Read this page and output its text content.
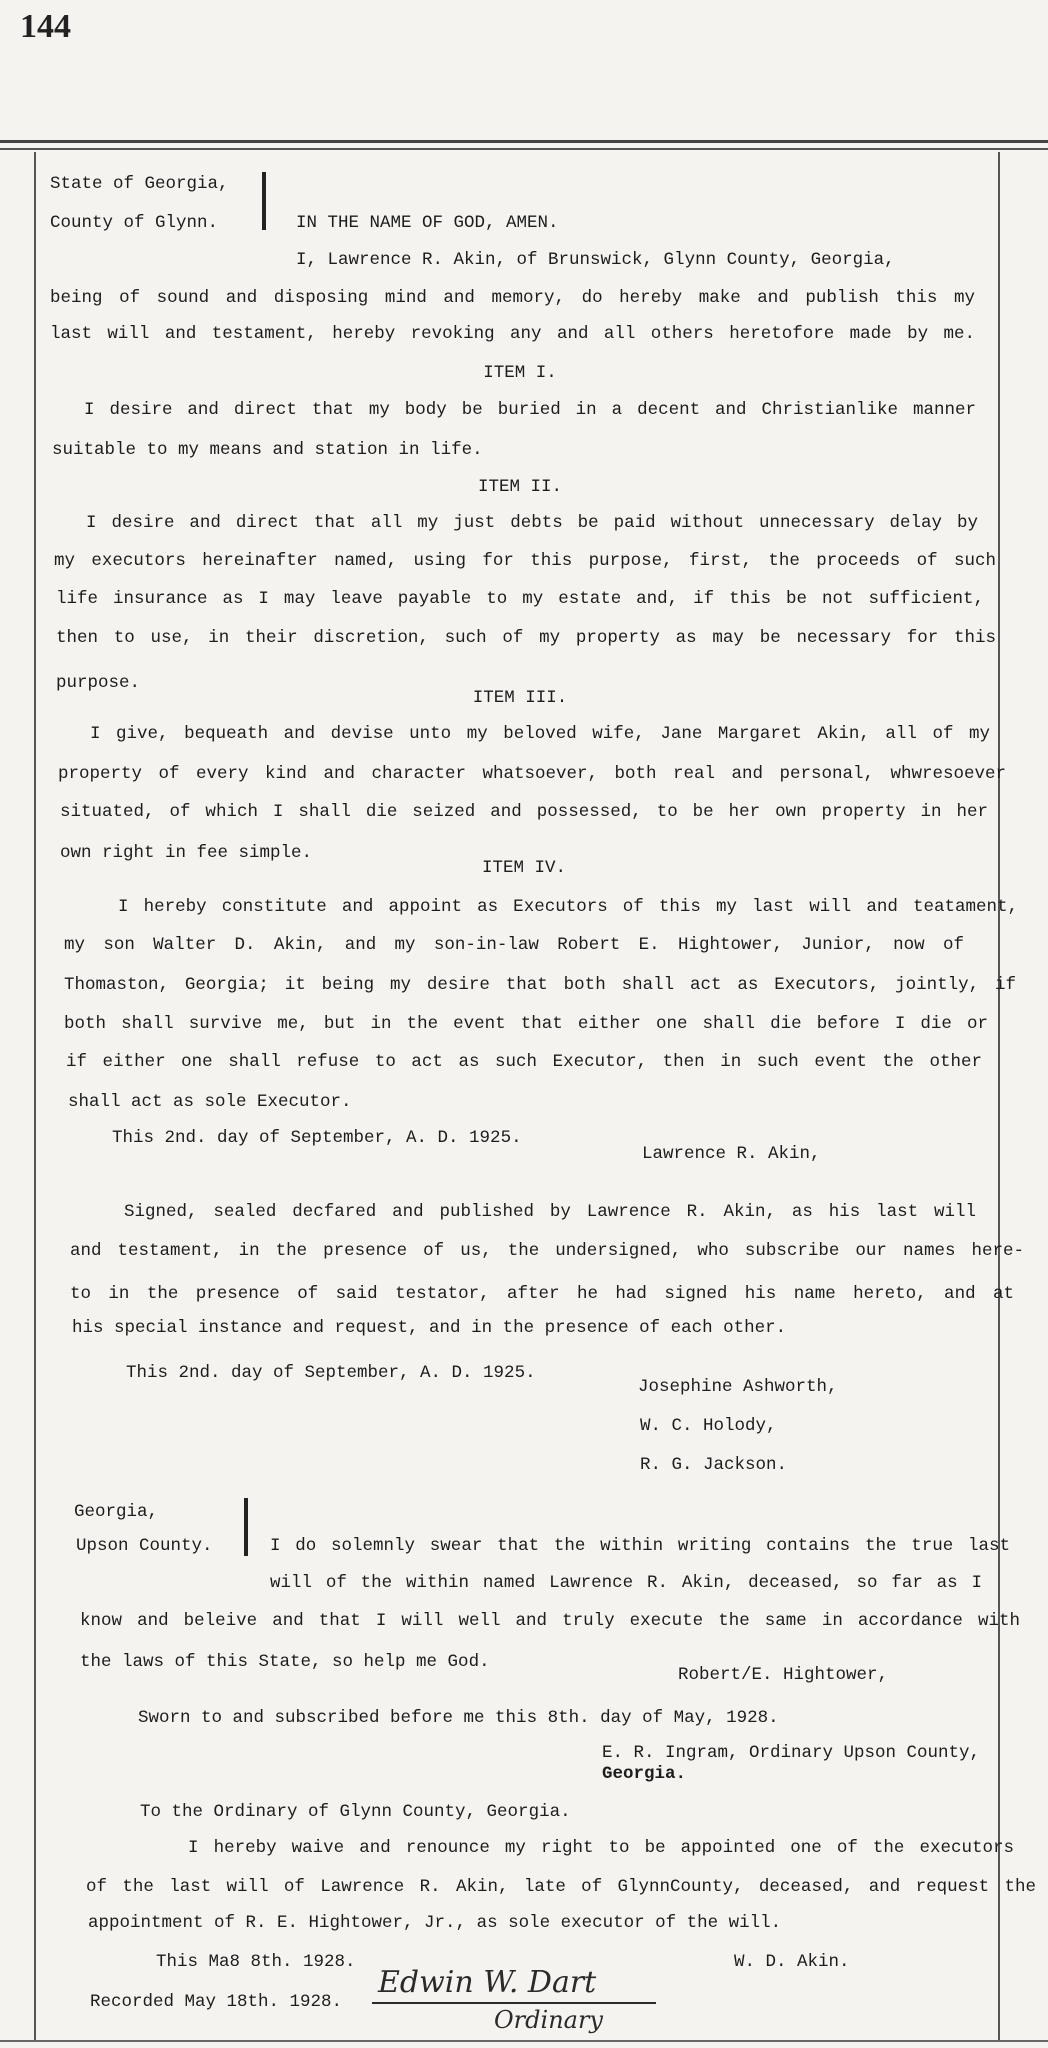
144
State of Georgia,
County of Glynn.	IN THE NAME OF GOD, AMEN.
I, Lawrence R. Akin, of Brunswick, Glynn County, Georgia,
being of sound and disposing mind and memory, do hereby make and publish this my
last will and testament, hereby revoking any and all others heretofore made by me.
ITEM I.
I desire and direct that my body be buried in a decent and Christianlike manner
suitable to my means and station in life.
ITEM II.
I desire and direct that all my just debts be paid without unnecessary delay by
my executors hereinafter named, using for this purpose, first, the proceeds of such
life insurance as I may leave payable to my estate and, if this be not sufficient,
then to use, in their discretion, such of my property as may be necessary for this
purpose.
ITEM III.
I give, bequeath and devise unto my beloved wife, Jane Margaret Akin, all of my
property of every kind and character whatsoever, both real and personal, whwresoever
situated, of which I shall die seized and possessed, to be her own property in her
own right in fee simple.
ITEM IV.
I hereby constitute and appoint as Executors of this my last will and teatament,
my son Walter D. Akin, and my son-in-law Robert E. Hightower, Junior, now of
Thomaston, Georgia; it being my desire that both shall act as Executors, jointly, if
both shall survive me, but in the event that either one shall die before I die or
if either one shall refuse to act as such Executor, then in such event the other
shall act as sole Executor.
This 2nd. day of September, A. D. 1925.
Lawrence R. Akin,
Signed, sealed decfared and published by Lawrence R. Akin, as his last will
and testament, in the presence of us, the undersigned, who subscribe our names here-
to in the presence of said testator, after he had signed his name hereto, and at
his special instance and request, and in the presence of each other.
This 2nd. day of September, A. D. 1925.
Josephine Ashworth,
W. C. Holody,
R. G. Jackson.
Georgia,
Upson County.	I do solemnly swear that the within writing contains the true last
will of the within named Lawrence R. Akin, deceased, so far as I
know and beleive and that I will well and truly execute the same in accordance with
the laws of this State, so help me God.
Robert/E. Hightower,
Sworn to and subscribed before me this 8th. day of May, 1928.
E. R. Ingram, Ordinary Upson County,
Georgia.
To the Ordinary of Glynn County, Georgia.
I hereby waive and renounce my right to be appointed one of the executors
of the last will of Lawrence R. Akin, late of GlynnCounty, deceased, and request the
appointment of R. E. Hightower, Jr., as sole executor of the will.
This Ma8 8th. 1928.	W. D. Akin.
Recorded May 18th. 1928.
Edwin W. Dart
Ordinary
